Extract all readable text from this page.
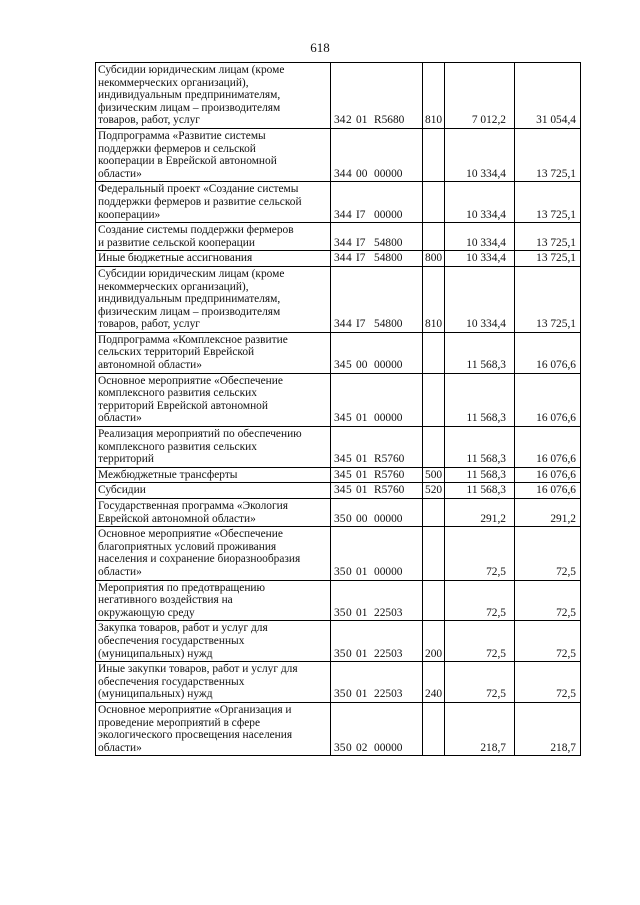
618
Субсидии юридическим лицам (кроме
некоммерческих организаций),
индивидуальным предпринимателям,
физическим лицам – производителям
товаров, работ, услуг	342 01 R5680	810	7 012,2	31 054,4

Подпрограмма «Развитие системы
поддержки фермеров и сельской
кооперации в Еврейской автономной
области»	344 00 00000		10 334,4	13 725,1

Федеральный проект «Создание системы
поддержки фермеров и развитие сельской
кооперации»	344 I7 00000		10 334,4	13 725,1

Создание системы поддержки фермеров
и развитие сельской кооперации	344 I7 54800		10 334,4	13 725,1

Иные бюджетные ассигнования	344 I7 54800	800	10 334,4	13 725,1

Субсидии юридическим лицам (кроме
некоммерческих организаций),
индивидуальным предпринимателям,
физическим лицам – производителям
товаров, работ, услуг	344 I7 54800	810	10 334,4	13 725,1

Подпрограмма «Комплексное развитие
сельских территорий Еврейской
автономной области»	345 00 00000		11 568,3	16 076,6

Основное мероприятие «Обеспечение
комплексного развития сельских
территорий Еврейской автономной
области»	345 01 00000		11 568,3	16 076,6

Реализация мероприятий по обеспечению
комплексного развития сельских
территорий	345 01 R5760		11 568,3	16 076,6

Межбюджетные трансферты	345 01 R5760	500	11 568,3	16 076,6

Субсидии	345 01 R5760	520	11 568,3	16 076,6

Государственная программа «Экология
Еврейской автономной области»	350 00 00000		291,2	291,2

Основное мероприятие «Обеспечение
благоприятных условий проживания
населения и сохранение биоразнообразия
области»	350 01 00000		72,5	72,5

Мероприятия по предотвращению
негативного воздействия на
окружающую среду	350 01 22503		72,5	72,5

Закупка товаров, работ и услуг для
обеспечения государственных
(муниципальных) нужд	350 01 22503	200	72,5	72,5

Иные закупки товаров, работ и услуг для
обеспечения государственных
(муниципальных) нужд	350 01 22503	240	72,5	72,5

Основное мероприятие «Организация и
проведение мероприятий в сфере
экологического просвещения населения
области»	350 02 00000		218,7	218,7
